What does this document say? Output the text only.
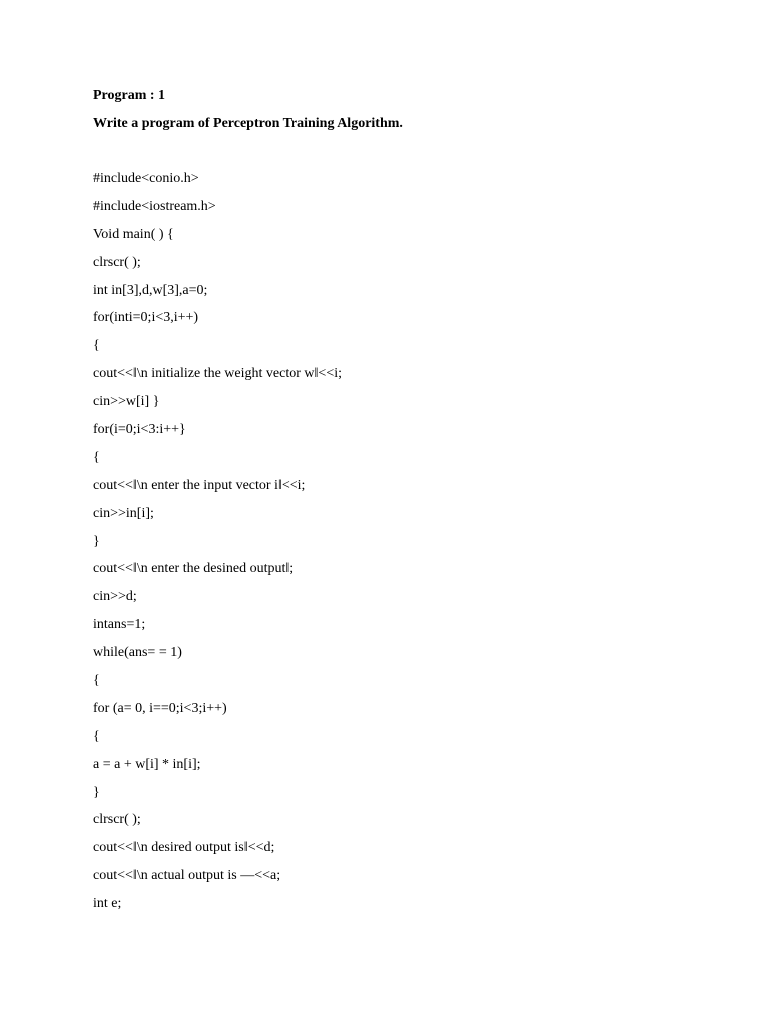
Program : 1
Write a program of Perceptron Training Algorithm.
#include<conio.h>
#include<iostream.h>
Void main( ) {
clrscr( );
int in[3],d,w[3],a=0;
for(inti=0;i<3,i++)
{
cout<<‖\n initialize the weight vector w‖<<i;
cin>>w[i] }
for(i=0;i<3:i++}
{
cout<<‖\n enter the input vector i‖<<i;
cin>>in[i];
}
cout<<‖\n enter the desined output‖;
cin>>d;
intans=1;
while(ans= = 1)
{
for (a= 0, i==0;i<3;i++)
{
a = a + w[i] * in[i];
}
clrscr( );
cout<<‖\n desired output is‖<<d;
cout<<‖\n actual output is —<<a;
int e;
